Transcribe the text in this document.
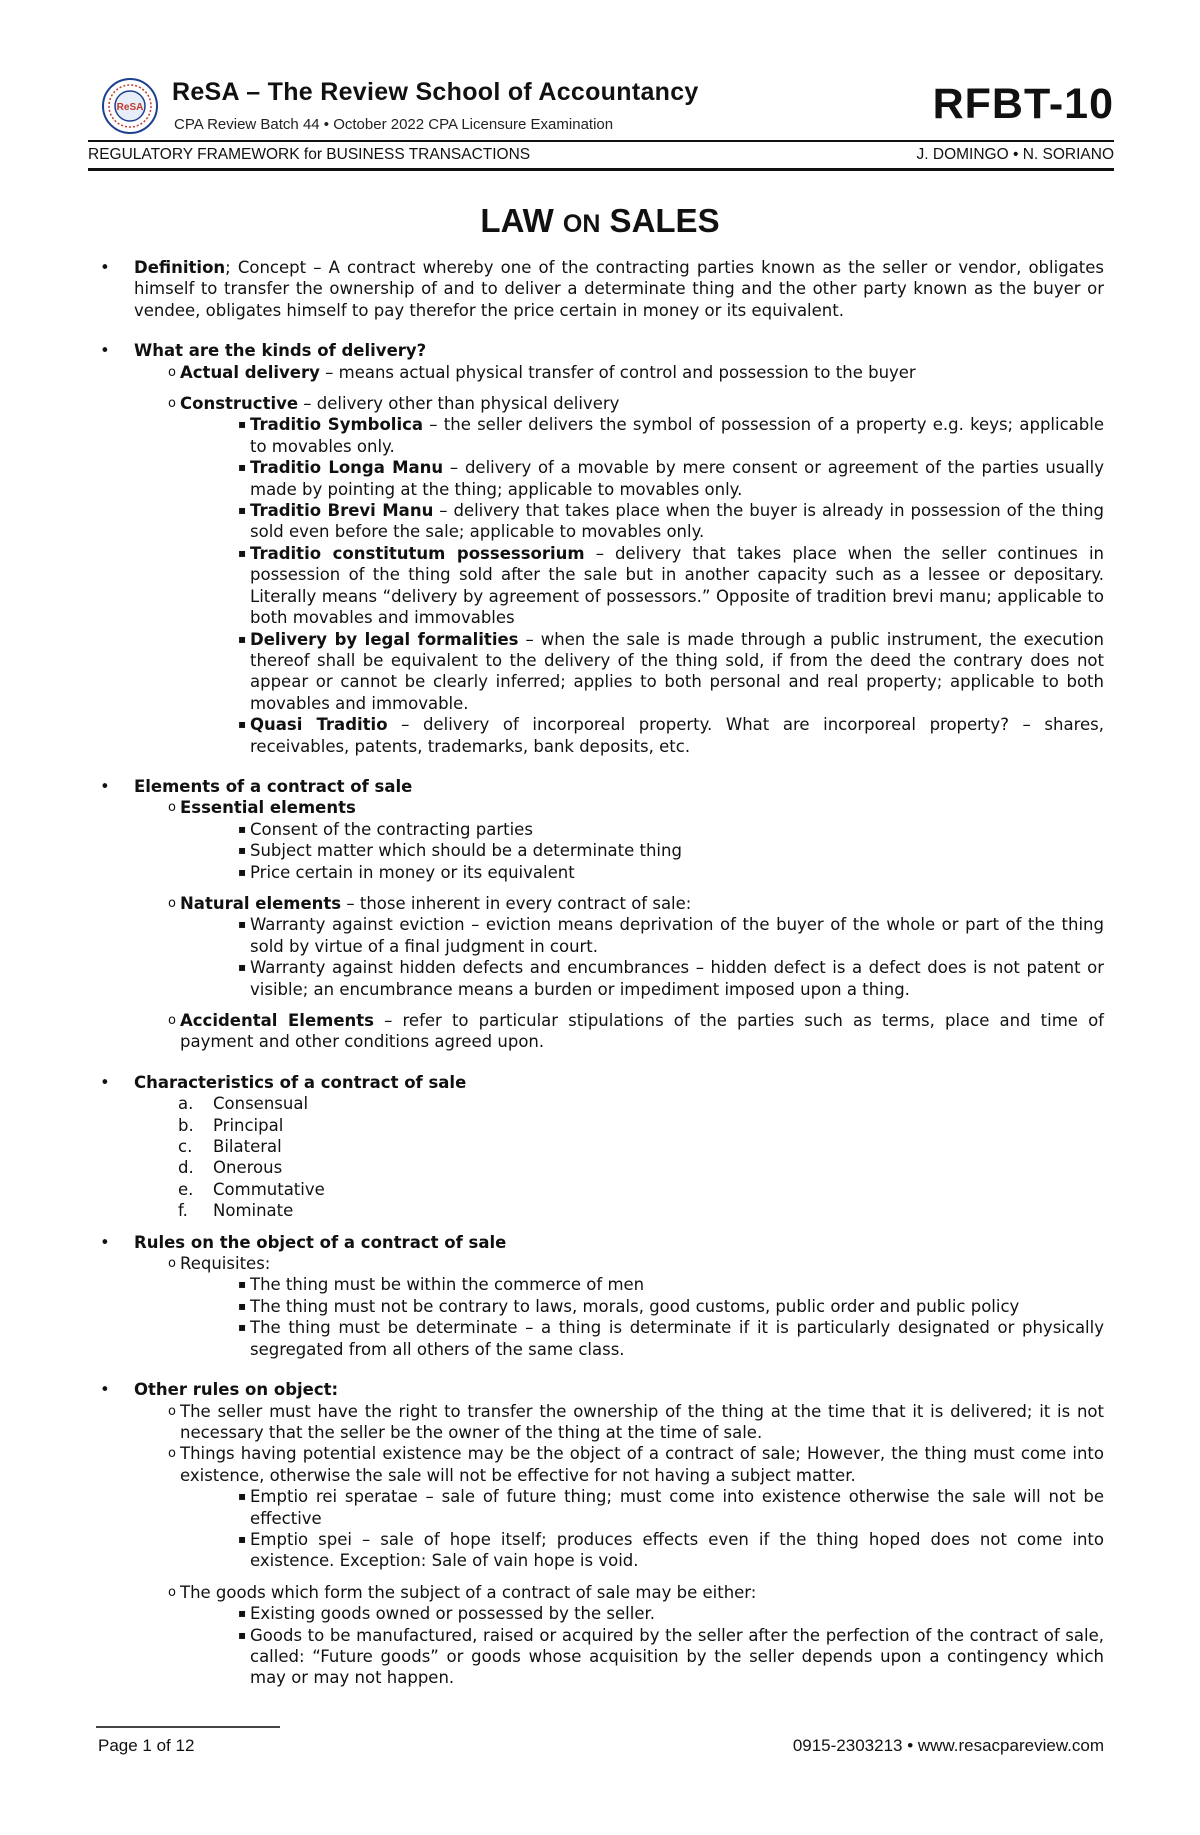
ReSA
ReSA – The Review School of Accountancy
CPA Review Batch 44 • October 2022 CPA Licensure Examination	RFBT-10
REGULATORY FRAMEWORK for BUSINESS TRANSACTIONS	J. DOMINGO • N. SORIANO
LAW ON SALES
• Definition; Concept – A contract whereby one of the contracting parties known as the seller or vendor, obligates himself to transfer the ownership of and to deliver a determinate thing and the other party known as the buyer or vendee, obligates himself to pay therefor the price certain in money or its equivalent.
• What are the kinds of delivery?
o Actual delivery – means actual physical transfer of control and possession to the buyer
o Constructive – delivery other than physical delivery
▪ Traditio Symbolica – the seller delivers the symbol of possession of a property e.g. keys; applicable to movables only.
▪ Traditio Longa Manu – delivery of a movable by mere consent or agreement of the parties usually made by pointing at the thing; applicable to movables only.
▪ Traditio Brevi Manu – delivery that takes place when the buyer is already in possession of the thing sold even before the sale; applicable to movables only.
▪ Traditio constitutum possessorium – delivery that takes place when the seller continues in possession of the thing sold after the sale but in another capacity such as a lessee or depositary. Literally means “delivery by agreement of possessors.” Opposite of tradition brevi manu; applicable to both movables and immovables
▪ Delivery by legal formalities – when the sale is made through a public instrument, the execution thereof shall be equivalent to the delivery of the thing sold, if from the deed the contrary does not appear or cannot be clearly inferred; applies to both personal and real property; applicable to both movables and immovable.
▪ Quasi Traditio – delivery of incorporeal property. What are incorporeal property? – shares, receivables, patents, trademarks, bank deposits, etc.
• Elements of a contract of sale
o Essential elements
▪ Consent of the contracting parties
▪ Subject matter which should be a determinate thing
▪ Price certain in money or its equivalent
o Natural elements – those inherent in every contract of sale:
▪ Warranty against eviction – eviction means deprivation of the buyer of the whole or part of the thing sold by virtue of a final judgment in court.
▪ Warranty against hidden defects and encumbrances – hidden defect is a defect does is not patent or visible; an encumbrance means a burden or impediment imposed upon a thing.
o Accidental Elements – refer to particular stipulations of the parties such as terms, place and time of payment and other conditions agreed upon.
• Characteristics of a contract of sale
a. Consensual
b. Principal
c. Bilateral
d. Onerous
e. Commutative
f. Nominate
• Rules on the object of a contract of sale
o Requisites:
▪ The thing must be within the commerce of men
▪ The thing must not be contrary to laws, morals, good customs, public order and public policy
▪ The thing must be determinate – a thing is determinate if it is particularly designated or physically segregated from all others of the same class.
• Other rules on object:
o The seller must have the right to transfer the ownership of the thing at the time that it is delivered; it is not necessary that the seller be the owner of the thing at the time of sale.
o Things having potential existence may be the object of a contract of sale; However, the thing must come into existence, otherwise the sale will not be effective for not having a subject matter.
▪ Emptio rei speratae – sale of future thing; must come into existence otherwise the sale will not be effective
▪ Emptio spei – sale of hope itself; produces effects even if the thing hoped does not come into existence. Exception: Sale of vain hope is void.
o The goods which form the subject of a contract of sale may be either:
▪ Existing goods owned or possessed by the seller.
▪ Goods to be manufactured, raised or acquired by the seller after the perfection of the contract of sale, called: “Future goods” or goods whose acquisition by the seller depends upon a contingency which may or may not happen.
Page 1 of 12	0915-2303213 • www.resacpareview.com
